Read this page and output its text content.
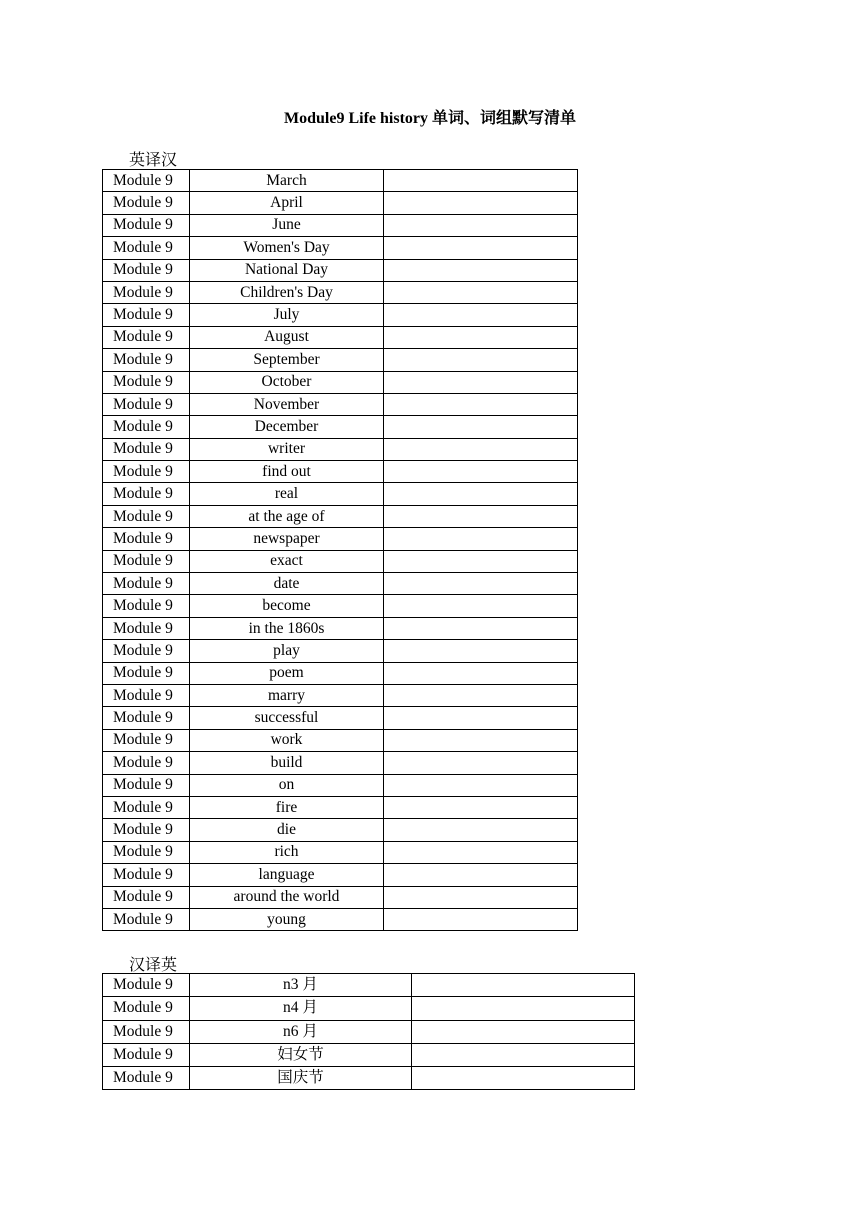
Module9 Life history 单词、词组默写清单
英译汉
Module 9	March	
Module 9	April	
Module 9	June	
Module 9	Women's Day	
Module 9	National Day	
Module 9	Children's Day	
Module 9	July	
Module 9	August	
Module 9	September	
Module 9	October	
Module 9	November	
Module 9	December	
Module 9	writer	
Module 9	find out	
Module 9	real	
Module 9	at the age of	
Module 9	newspaper	
Module 9	exact	
Module 9	date	
Module 9	become	
Module 9	in the 1860s	
Module 9	play	
Module 9	poem	
Module 9	marry	
Module 9	successful	
Module 9	work	
Module 9	build	
Module 9	on	
Module 9	fire	
Module 9	die	
Module 9	rich	
Module 9	language	
Module 9	around the world	
Module 9	young	
汉译英
Module 9	n3 月	
Module 9	n4 月	
Module 9	n6 月	
Module 9	妇女节	
Module 9	国庆节	
